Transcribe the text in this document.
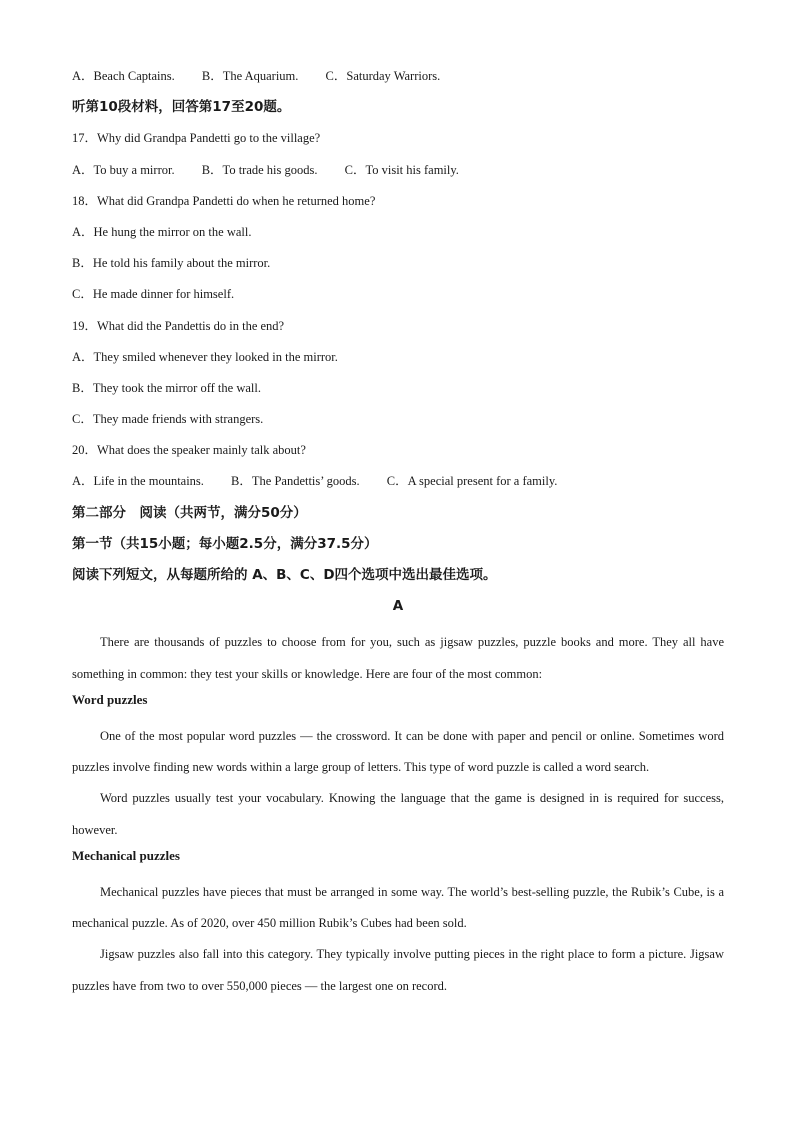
A．Beach Captains. B．The Aquarium. C．Saturday Warriors.
听第10段材料，回答第17至20题。
17．Why did Grandpa Pandetti go to the village?
A．To buy a mirror. B．To trade his goods. C．To visit his family.
18．What did Grandpa Pandetti do when he returned home?
A．He hung the mirror on the wall.
B．He told his family about the mirror.
C．He made dinner for himself.
19．What did the Pandettis do in the end?
A．They smiled whenever they looked in the mirror.
B．They took the mirror off the wall.
C．They made friends with strangers.
20．What does the speaker mainly talk about?
A．Life in the mountains. B．The Pandettis’ goods. C．A special present for a family.
第二部分　阅读（共两节，满分50分）
第一节（共15小题；每小题2.5分，满分37.5分）
阅读下列短文，从每题所给的 A、B、C、D四个选项中选出最佳选项。
A
There are thousands of puzzles to choose from for you, such as jigsaw puzzles, puzzle books and more. They all have something in common: they test your skills or knowledge. Here are four of the most common:
Word puzzles
One of the most popular word puzzles — the crossword. It can be done with paper and pencil or online. Sometimes word puzzles involve finding new words within a large group of letters. This type of word puzzle is called a word search.
Word puzzles usually test your vocabulary. Knowing the language that the game is designed in is required for success, however.
Mechanical puzzles
Mechanical puzzles have pieces that must be arranged in some way. The world’s best-selling puzzle, the Rubik’s Cube, is a mechanical puzzle. As of 2020, over 450 million Rubik’s Cubes had been sold.
Jigsaw puzzles also fall into this category. They typically involve putting pieces in the right place to form a picture. Jigsaw puzzles have from two to over 550,000 pieces — the largest one on record.
